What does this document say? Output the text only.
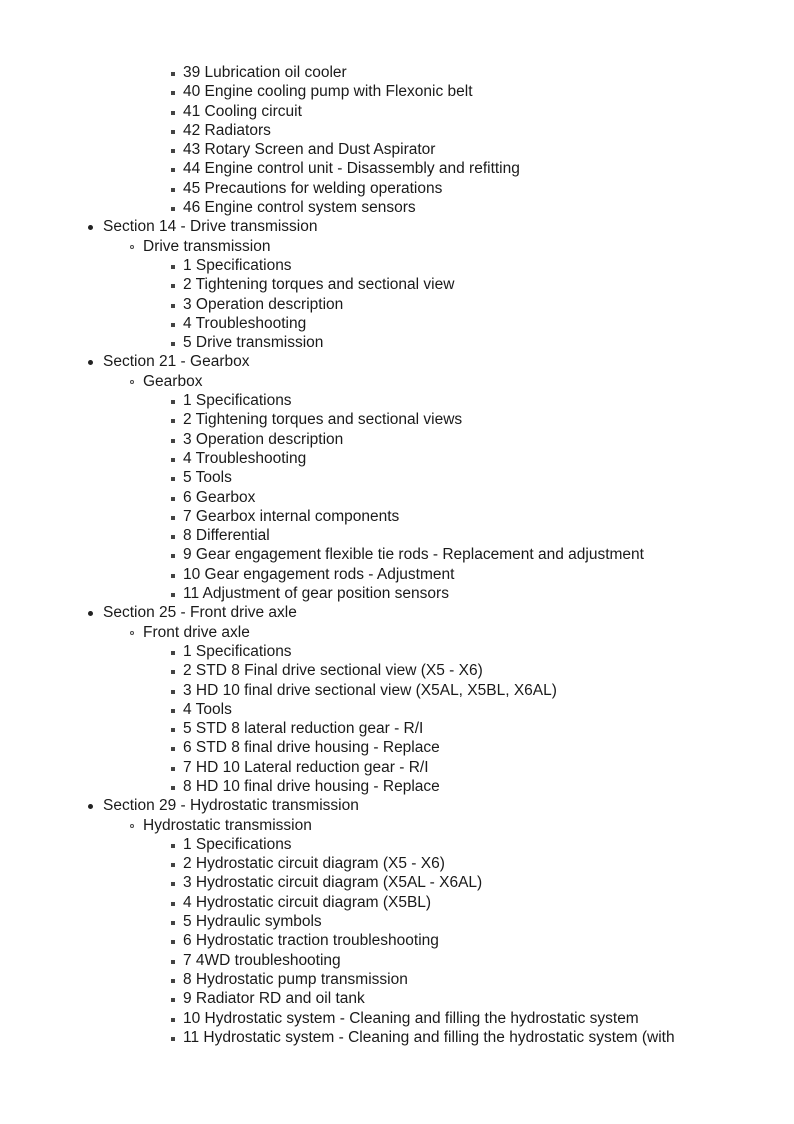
39 Lubrication oil cooler
40 Engine cooling pump with Flexonic belt
41 Cooling circuit
42 Radiators
43 Rotary Screen and Dust Aspirator
44 Engine control unit - Disassembly and refitting
45 Precautions for welding operations
46 Engine control system sensors
Section 14 - Drive transmission
Drive transmission
1 Specifications
2 Tightening torques and sectional view
3 Operation description
4 Troubleshooting
5 Drive transmission
Section 21 - Gearbox
Gearbox
1 Specifications
2 Tightening torques and sectional views
3 Operation description
4 Troubleshooting
5 Tools
6 Gearbox
7 Gearbox internal components
8 Differential
9 Gear engagement flexible tie rods - Replacement and adjustment
10 Gear engagement rods - Adjustment
11 Adjustment of gear position sensors
Section 25 - Front drive axle
Front drive axle
1 Specifications
2 STD 8 Final drive sectional view (X5 - X6)
3 HD 10 final drive sectional view (X5AL, X5BL, X6AL)
4 Tools
5 STD 8 lateral reduction gear - R/I
6 STD 8 final drive housing - Replace
7 HD 10 Lateral reduction gear - R/I
8 HD 10 final drive housing - Replace
Section 29 - Hydrostatic transmission
Hydrostatic transmission
1 Specifications
2 Hydrostatic circuit diagram (X5 - X6)
3 Hydrostatic circuit diagram (X5AL - X6AL)
4 Hydrostatic circuit diagram (X5BL)
5 Hydraulic symbols
6 Hydrostatic traction troubleshooting
7 4WD troubleshooting
8 Hydrostatic pump transmission
9 Radiator RD and oil tank
10 Hydrostatic system - Cleaning and filling the hydrostatic system
11 Hydrostatic system - Cleaning and filling the hydrostatic system (with
